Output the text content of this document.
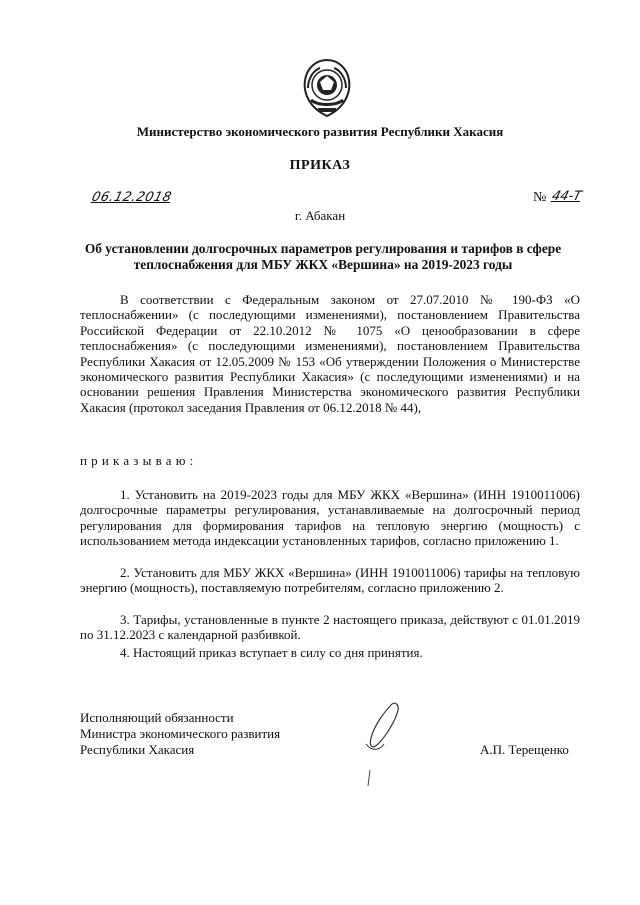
Министерство экономического развития Республики Хакасия
ПРИКАЗ
06.12.2018	№ 44-Т
г. Абакан
Об установлении долгосрочных параметров регулирования и тарифов в сфере теплоснабжения для МБУ ЖКХ «Вершина» на 2019-2023 годы
В соответствии с Федеральным законом от 27.07.2010 № 190-ФЗ «О теплоснабжении» (с последующими изменениями), постановлением Правительства Российской Федерации от 22.10.2012 № 1075 «О ценообразовании в сфере теплоснабжения» (с последующими изменениями), постановлением Правительства Республики Хакасия от 12.05.2009 № 153 «Об утверждении Положения о Министерстве экономического развития Республики Хакасия» (с последующими изменениями) и на основании решения Правления Министерства экономического развития Республики Хакасия (протокол заседания Правления от 06.12.2018 № 44),
приказываю:
1. Установить на 2019-2023 годы для МБУ ЖКХ «Вершина» (ИНН 1910011006) долгосрочные параметры регулирования, устанавливаемые на долгосрочный период регулирования для формирования тарифов на тепловую энергию (мощность) с использованием метода индексации установленных тарифов, согласно приложению 1.
2. Установить для МБУ ЖКХ «Вершина» (ИНН 1910011006) тарифы на тепловую энергию (мощность), поставляемую потребителям, согласно приложению 2.
3. Тарифы, установленные в пункте 2 настоящего приказа, действуют с 01.01.2019 по 31.12.2023 с календарной разбивкой.
4. Настоящий приказ вступает в силу со дня принятия.
Исполняющий обязанности
Министра экономического развития
Республики Хакасия	А.П. Терещенко
